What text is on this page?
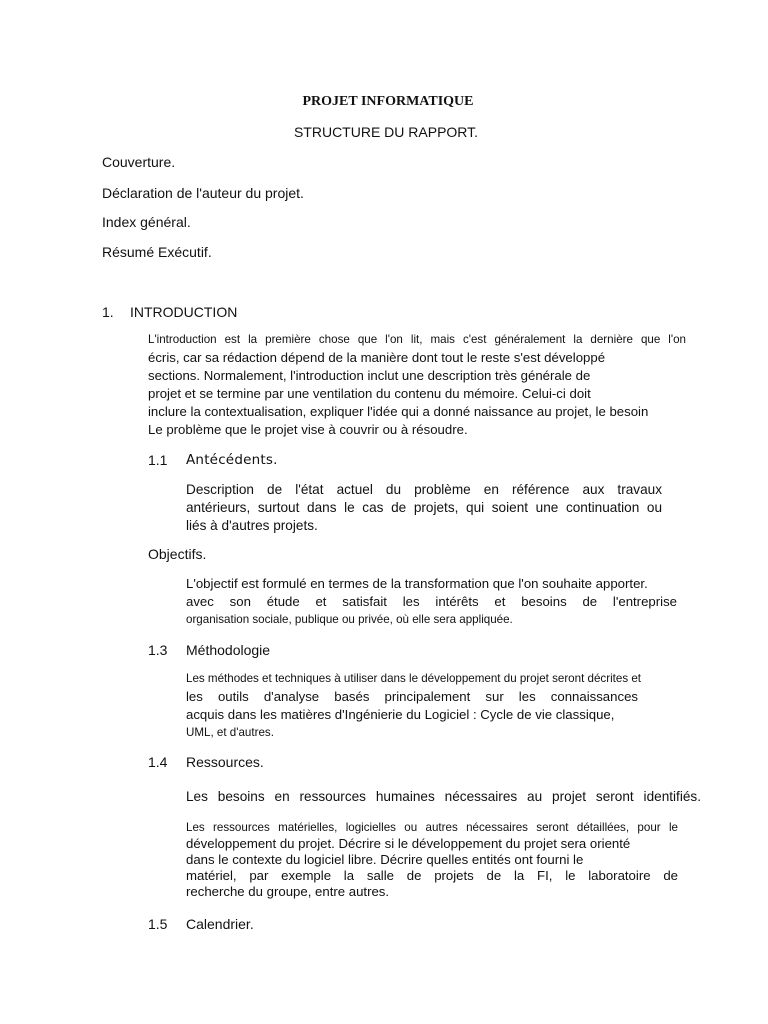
PROJET INFORMATIQUE
STRUCTURE DU RAPPORT.
Couverture.
Déclaration de l'auteur du projet.
Index général.
Résumé Exécutif.
1. INTRODUCTION
L'introduction est la première chose que l'on lit, mais c'est généralement la dernière que l'on
écris, car sa rédaction dépend de la manière dont tout le reste s'est développé
sections. Normalement, l'introduction inclut une description très générale de
projet et se termine par une ventilation du contenu du mémoire. Celui-ci doit
inclure la contextualisation, expliquer l'idée qui a donné naissance au projet, le besoin
Le problème que le projet vise à couvrir ou à résoudre.
1.1 Antécédents.
Description de l'état actuel du problème en référence aux travaux
antérieurs, surtout dans le cas de projets, qui soient une continuation ou
liés à d'autres projets.
Objectifs.
L'objectif est formulé en termes de la transformation que l'on souhaite apporter.
avec son étude et satisfait les intérêts et besoins de l'entreprise
organisation sociale, publique ou privée, où elle sera appliquée.
1.3 Méthodologie
Les méthodes et techniques à utiliser dans le développement du projet seront décrites et
les outils d'analyse basés principalement sur les connaissances
acquis dans les matières d'Ingénierie du Logiciel : Cycle de vie classique,
UML, et d'autres.
1.4 Ressources.
Les besoins en ressources humaines nécessaires au projet seront identifiés.
Les ressources matérielles, logicielles ou autres nécessaires seront détaillées, pour le
développement du projet. Décrire si le développement du projet sera orienté
dans le contexte du logiciel libre. Décrire quelles entités ont fourni le
matériel, par exemple la salle de projets de la FI, le laboratoire de
recherche du groupe, entre autres.
1.5 Calendrier.
